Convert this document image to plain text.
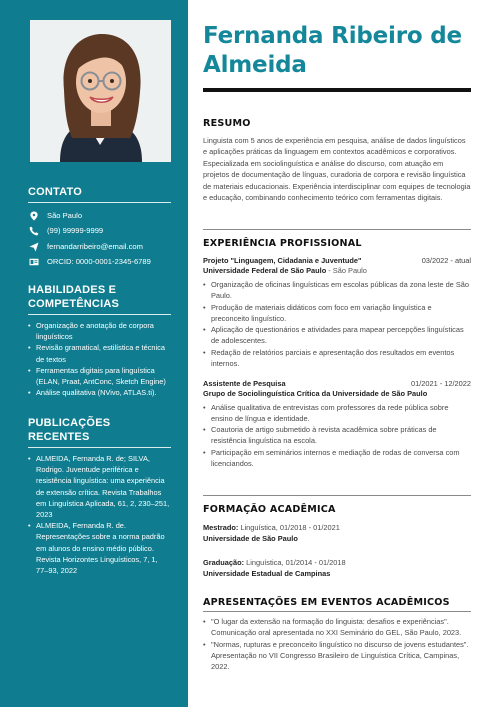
CONTATO
São Paulo
(99) 99999-9999
fernandarribeiro@email.com
ORCID: 0000-0001-2345-6789
HABILIDADES E COMPETÊNCIAS
• Organização e anotação de corpora linguísticos
• Revisão gramatical, estilística e técnica de textos
• Ferramentas digitais para linguística (ELAN, Praat, AntConc, Sketch Engine)
• Análise qualitativa (NVivo, ATLAS.ti).
PUBLICAÇÕES RECENTES
• ALMEIDA, Fernanda R. de; SILVA, Rodrigo. Juventude periférica e resistência linguística: uma experiência de extensão crítica. Revista Trabalhos em Linguística Aplicada, 61, 2, 230–251, 2023
• ALMEIDA, Fernanda R. de. Representações sobre a norma padrão em alunos do ensino médio público. Revista Horizontes Linguísticos, 7, 1, 77–93, 2022
Fernanda Ribeiro de Almeida
RESUMO
Linguista com 5 anos de experiência em pesquisa, análise de dados linguísticos e aplicações práticas da linguagem em contextos acadêmicos e corporativos. Especializada em sociolinguística e análise do discurso, com atuação em projetos de documentação de línguas, curadoria de corpora e revisão linguística de materiais educacionais. Experiência interdisciplinar com equipes de tecnologia e educação, combinando conhecimento teórico com ferramentas digitais.
EXPERIÊNCIA PROFISSIONAL
Projeto "Linguagem, Cidadania e Juventude"	03/2022 - atual
Universidade Federal de São Paulo - São Paulo
• Organização de oficinas linguísticas em escolas públicas da zona leste de São Paulo.
• Produção de materiais didáticos com foco em variação linguística e preconceito linguístico.
• Aplicação de questionários e atividades para mapear percepções linguísticas de adolescentes.
• Redação de relatórios parciais e apresentação dos resultados em eventos internos.
Assistente de Pesquisa	01/2021 - 12/2022
Grupo de Sociolinguística Crítica da Universidade de São Paulo
• Análise qualitativa de entrevistas com professores da rede pública sobre ensino de língua e identidade.
• Coautoria de artigo submetido à revista acadêmica sobre práticas de resistência linguística na escola.
• Participação em seminários internos e mediação de rodas de conversa com licenciandos.
FORMAÇÃO ACADÊMICA
Mestrado: Linguística, 01/2018 - 01/2021
Universidade de São Paulo
Graduação: Linguística, 01/2014 - 01/2018
Universidade Estadual de Campinas
APRESENTAÇÕES EM EVENTOS ACADÊMICOS
• "O lugar da extensão na formação do linguista: desafios e experiências". Comunicação oral apresentada no XXI Seminário do GEL, São Paulo, 2023.
• "Normas, rupturas e preconceito linguístico no discurso de jovens estudantes". Apresentação no VII Congresso Brasileiro de Linguística Crítica, Campinas, 2022.
